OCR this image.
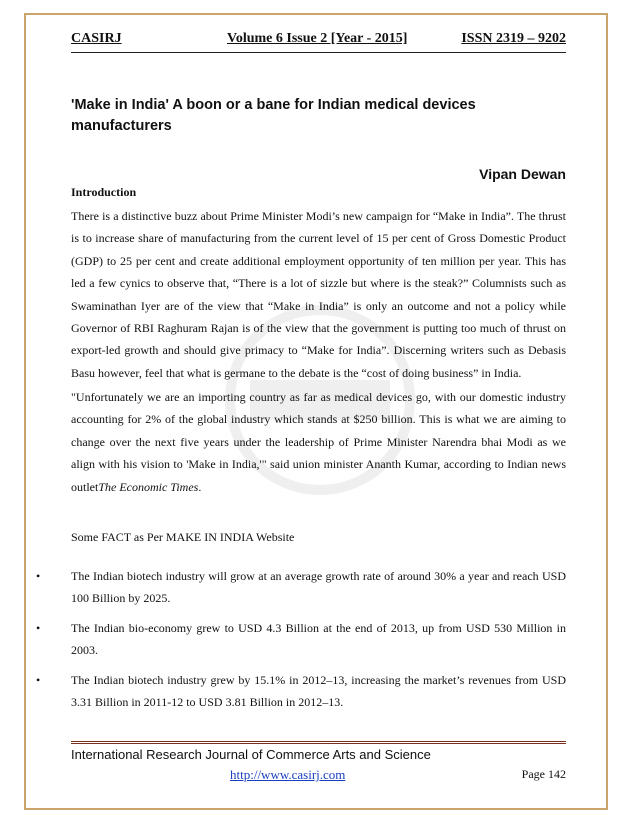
CASIRJ	Volume 6 Issue 2 [Year - 2015]	ISSN 2319 – 9202
'Make in India' A boon or a bane for Indian medical devices manufacturers
Vipan Dewan
Introduction

There is a distinctive buzz about Prime Minister Modi’s new campaign for “Make in India”. The thrust is to increase share of manufacturing from the current level of 15 per cent of Gross Domestic Product (GDP) to 25 per cent and create additional employment opportunity of ten million per year. This has led a few cynics to observe that, “There is a lot of sizzle but where is the steak?” Columnists such as Swaminathan Iyer are of the view that “Make in India” is only an outcome and not a policy while Governor of RBI Raghuram Rajan is of the view that the government is putting too much of thrust on export-led growth and should give primacy to “Make for India”. Discerning writers such as Debasis Basu however, feel that what is germane to the debate is the “cost of doing business” in India.

"Unfortunately we are an importing country as far as medical devices go, with our domestic industry accounting for 2% of the global industry which stands at $250 billion. This is what we are aiming to change over the next five years under the leadership of Prime Minister Narendra bhai Modi as we align with his vision to 'Make in India,'" said union minister Ananth Kumar, according to Indian news outletThe Economic Times.

Some FACT as Per MAKE IN INDIA Website
•	The Indian biotech industry will grow at an average growth rate of around 30% a year and reach USD 100 Billion by 2025.
•	The Indian bio-economy grew to USD 4.3 Billion at the end of 2013, up from USD 530 Million in 2003.
•	The Indian biotech industry grew by 15.1% in 2012–13, increasing the market’s revenues from USD 3.31 Billion in 2011-12 to USD 3.81 Billion in 2012–13.
International Research Journal of Commerce Arts and Science
http://www.casirj.com	Page 142
